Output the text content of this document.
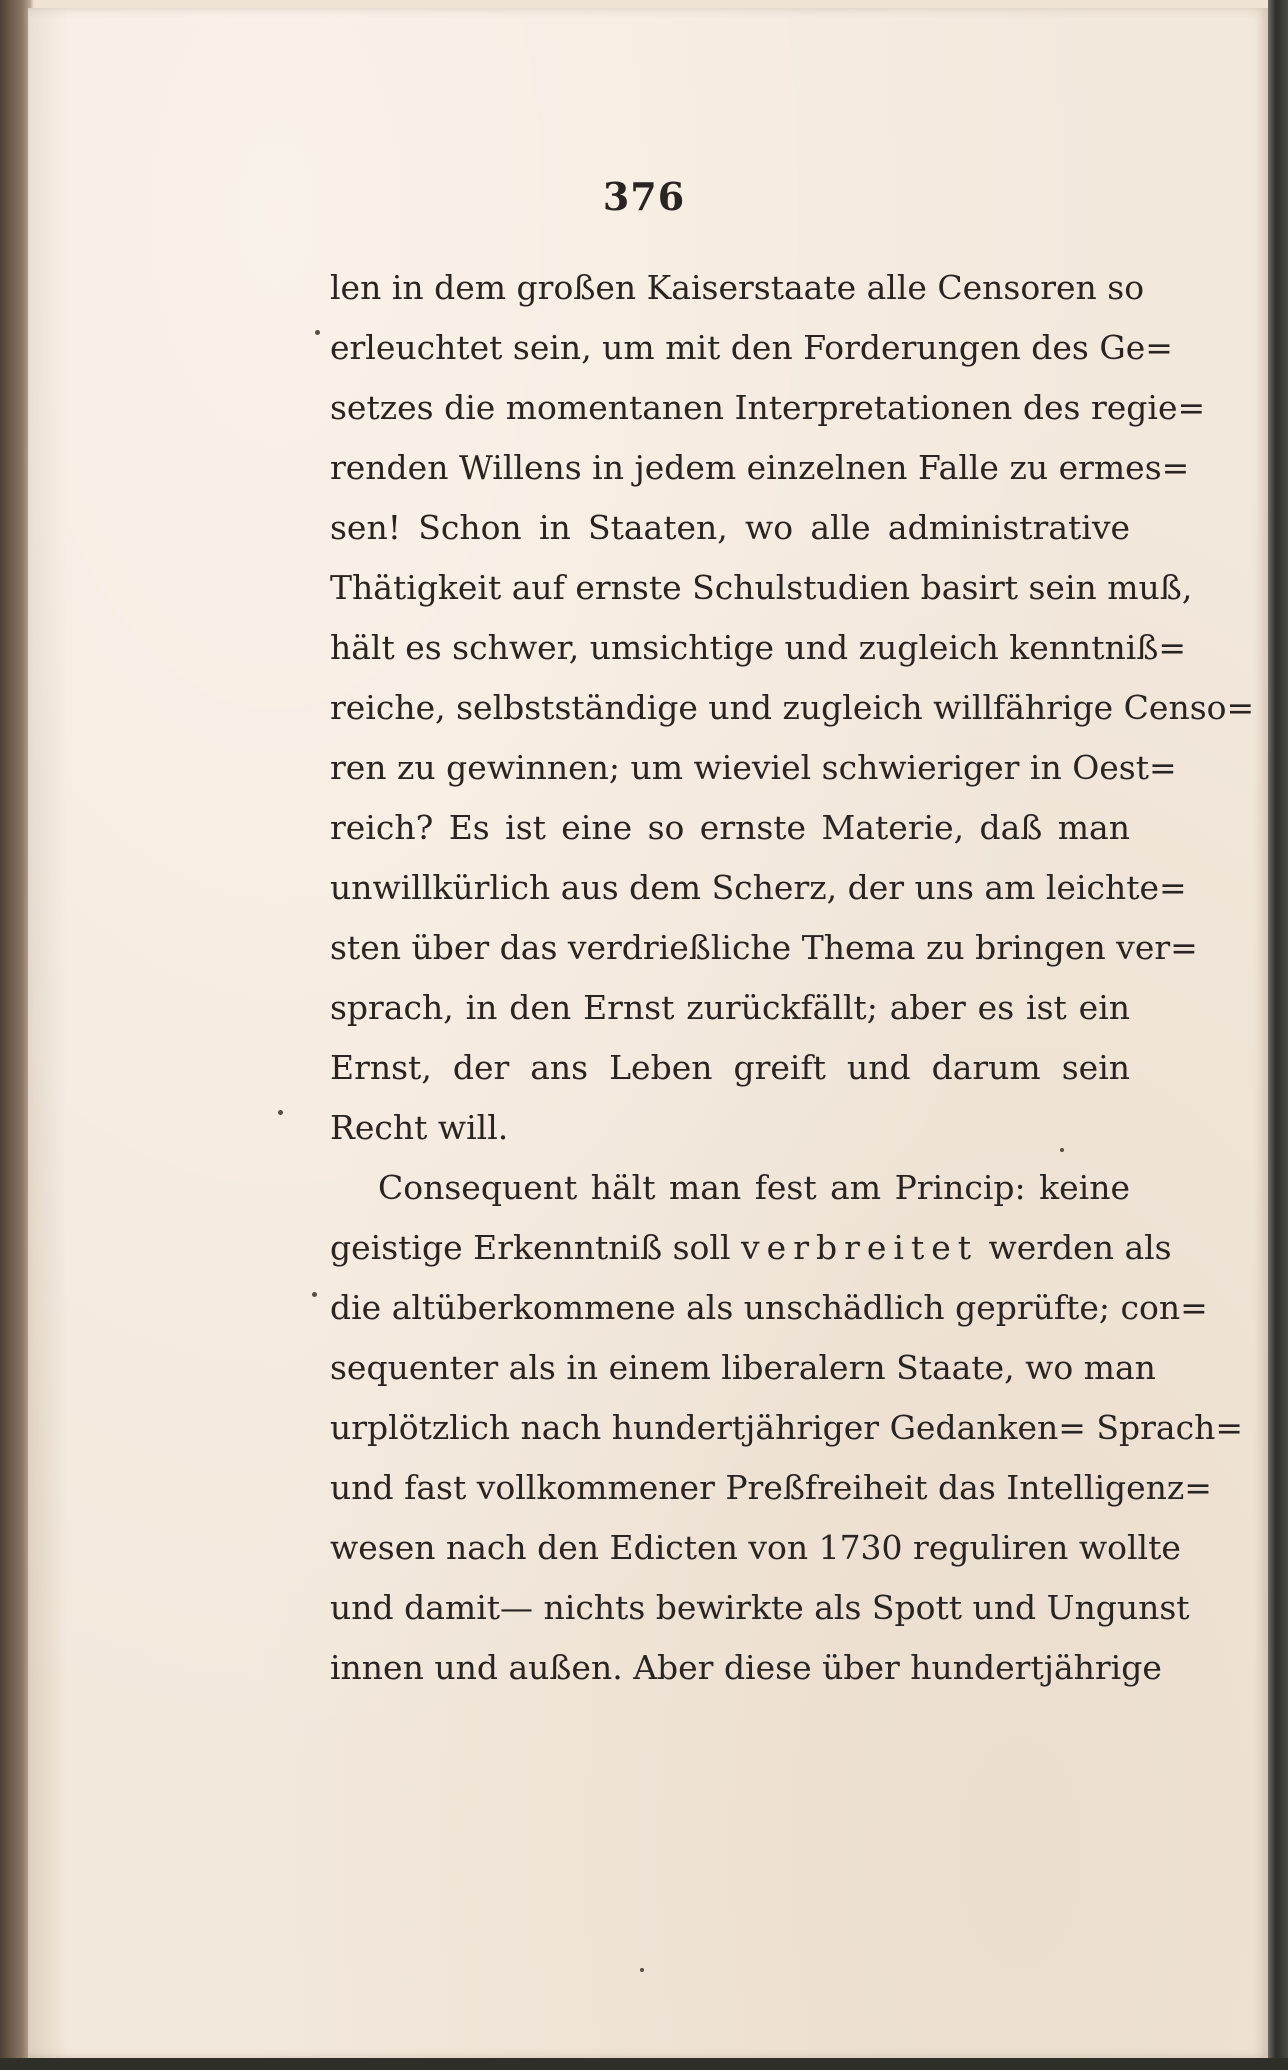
376
len in dem großen Kaiserstaate alle Censoren so
erleuchtet sein, um mit den Forderungen des Ge=
setzes die momentanen Interpretationen des regie=
renden Willens in jedem einzelnen Falle zu ermes=
sen! Schon in Staaten, wo alle administrative
Thätigkeit auf ernste Schulstudien basirt sein muß,
hält es schwer, umsichtige und zugleich kenntniß=
reiche, selbstständige und zugleich willfährige Censo=
ren zu gewinnen; um wieviel schwieriger in Oest=
reich? Es ist eine so ernste Materie, daß man
unwillkürlich aus dem Scherz, der uns am leichte=
sten über das verdrießliche Thema zu bringen ver=
sprach, in den Ernst zurückfällt; aber es ist ein
Ernst, der ans Leben greift und darum sein
Recht will.
Consequent hält man fest am Princip: keine
geistige Erkenntniß soll verbreitet werden als
die altüberkommene als unschädlich geprüfte; con=
sequenter als in einem liberalern Staate, wo man
urplötzlich nach hundertjähriger Gedanken= Sprach=
und fast vollkommener Preßfreiheit das Intelligenz=
wesen nach den Edicten von 1730 reguliren wollte
und damit— nichts bewirkte als Spott und Ungunst
innen und außen. Aber diese über hundertjährige
